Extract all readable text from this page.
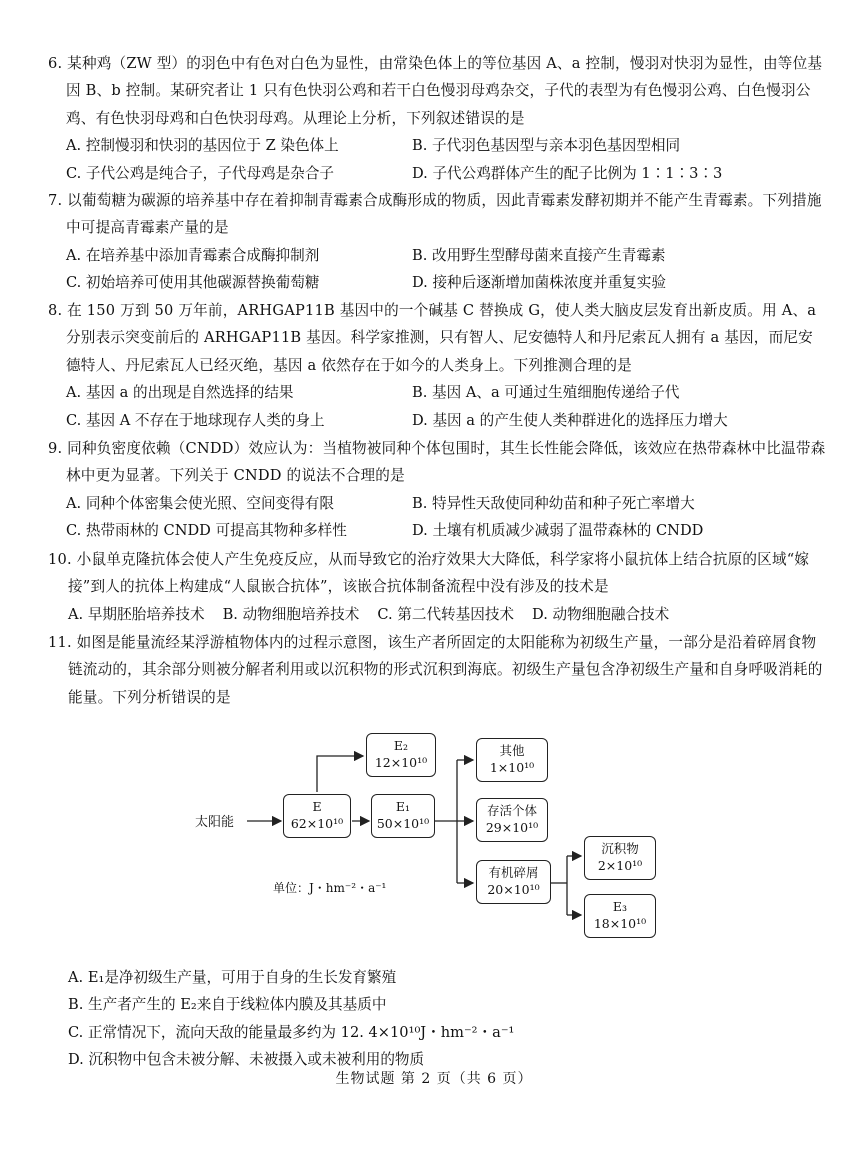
6. 某种鸡（ZW 型）的羽色中有色对白色为显性，由常染色体上的等位基因 A、a 控制，慢羽对快羽为显性，由等位基因 B、b 控制。某研究者让 1 只有色快羽公鸡和若干白色慢羽母鸡杂交，子代的表型为有色慢羽公鸡、白色慢羽公鸡、有色快羽母鸡和白色快羽母鸡。从理论上分析，下列叙述错误的是
A. 控制慢羽和快羽的基因位于 Z 染色体上	B. 子代羽色基因型与亲本羽色基因型相同
C. 子代公鸡是纯合子，子代母鸡是杂合子	D. 子代公鸡群体产生的配子比例为 1∶1∶3∶3
7. 以葡萄糖为碳源的培养基中存在着抑制青霉素合成酶形成的物质，因此青霉素发酵初期并不能产生青霉素。下列措施中可提高青霉素产量的是
A. 在培养基中添加青霉素合成酶抑制剂	B. 改用野生型酵母菌来直接产生青霉素
C. 初始培养可使用其他碳源替换葡萄糖	D. 接种后逐渐增加菌株浓度并重复实验
8. 在 150 万到 50 万年前，ARHGAP11B 基因中的一个碱基 C 替换成 G，使人类大脑皮层发育出新皮质。用 A、a 分别表示突变前后的 ARHGAP11B 基因。科学家推测，只有智人、尼安德特人和丹尼索瓦人拥有 a 基因，而尼安德特人、丹尼索瓦人已经灭绝，基因 a 依然存在于如今的人类身上。下列推测合理的是
A. 基因 a 的出现是自然选择的结果	B. 基因 A、a 可通过生殖细胞传递给子代
C. 基因 A 不存在于地球现存人类的身上	D. 基因 a 的产生使人类种群进化的选择压力增大
9. 同种负密度依赖（CNDD）效应认为：当植物被同种个体包围时，其生长性能会降低，该效应在热带森林中比温带森林中更为显著。下列关于 CNDD 的说法不合理的是
A. 同种个体密集会使光照、空间变得有限	B. 特异性天敌使同种幼苗和种子死亡率增大
C. 热带雨林的 CNDD 可提高其物种多样性	D. 土壤有机质减少减弱了温带森林的 CNDD
10. 小鼠单克隆抗体会使人产生免疫反应，从而导致它的治疗效果大大降低，科学家将小鼠抗体上结合抗原的区域“嫁接”到人的抗体上构建成“人鼠嵌合抗体”，该嵌合抗体制备流程中没有涉及的技术是
A. 早期胚胎培养技术 B. 动物细胞培养技术 C. 第二代转基因技术 D. 动物细胞融合技术
11. 如图是能量流经某浮游植物体内的过程示意图，该生产者所固定的太阳能称为初级生产量，一部分是沿着碎屑食物链流动的，其余部分则被分解者利用或以沉积物的形式沉积到海底。初级生产量包含净初级生产量和自身呼吸消耗的能量。下列分析错误的是
太阳能
E
62×10¹⁰
E₂
12×10¹⁰
E₁
50×10¹⁰
其他
1×10¹⁰
存活个体
29×10¹⁰
有机碎屑
20×10¹⁰
沉积物
2×10¹⁰
E₃
18×10¹⁰
单位：J・hm⁻²・a⁻¹
A. E₁是净初级生产量，可用于自身的生长发育繁殖
B. 生产者产生的 E₂来自于线粒体内膜及其基质中
C. 正常情况下，流向天敌的能量最多约为 12. 4×10¹⁰J・hm⁻²・a⁻¹
D. 沉积物中包含未被分解、未被摄入或未被利用的物质
生物试题 第 2 页（共 6 页）
